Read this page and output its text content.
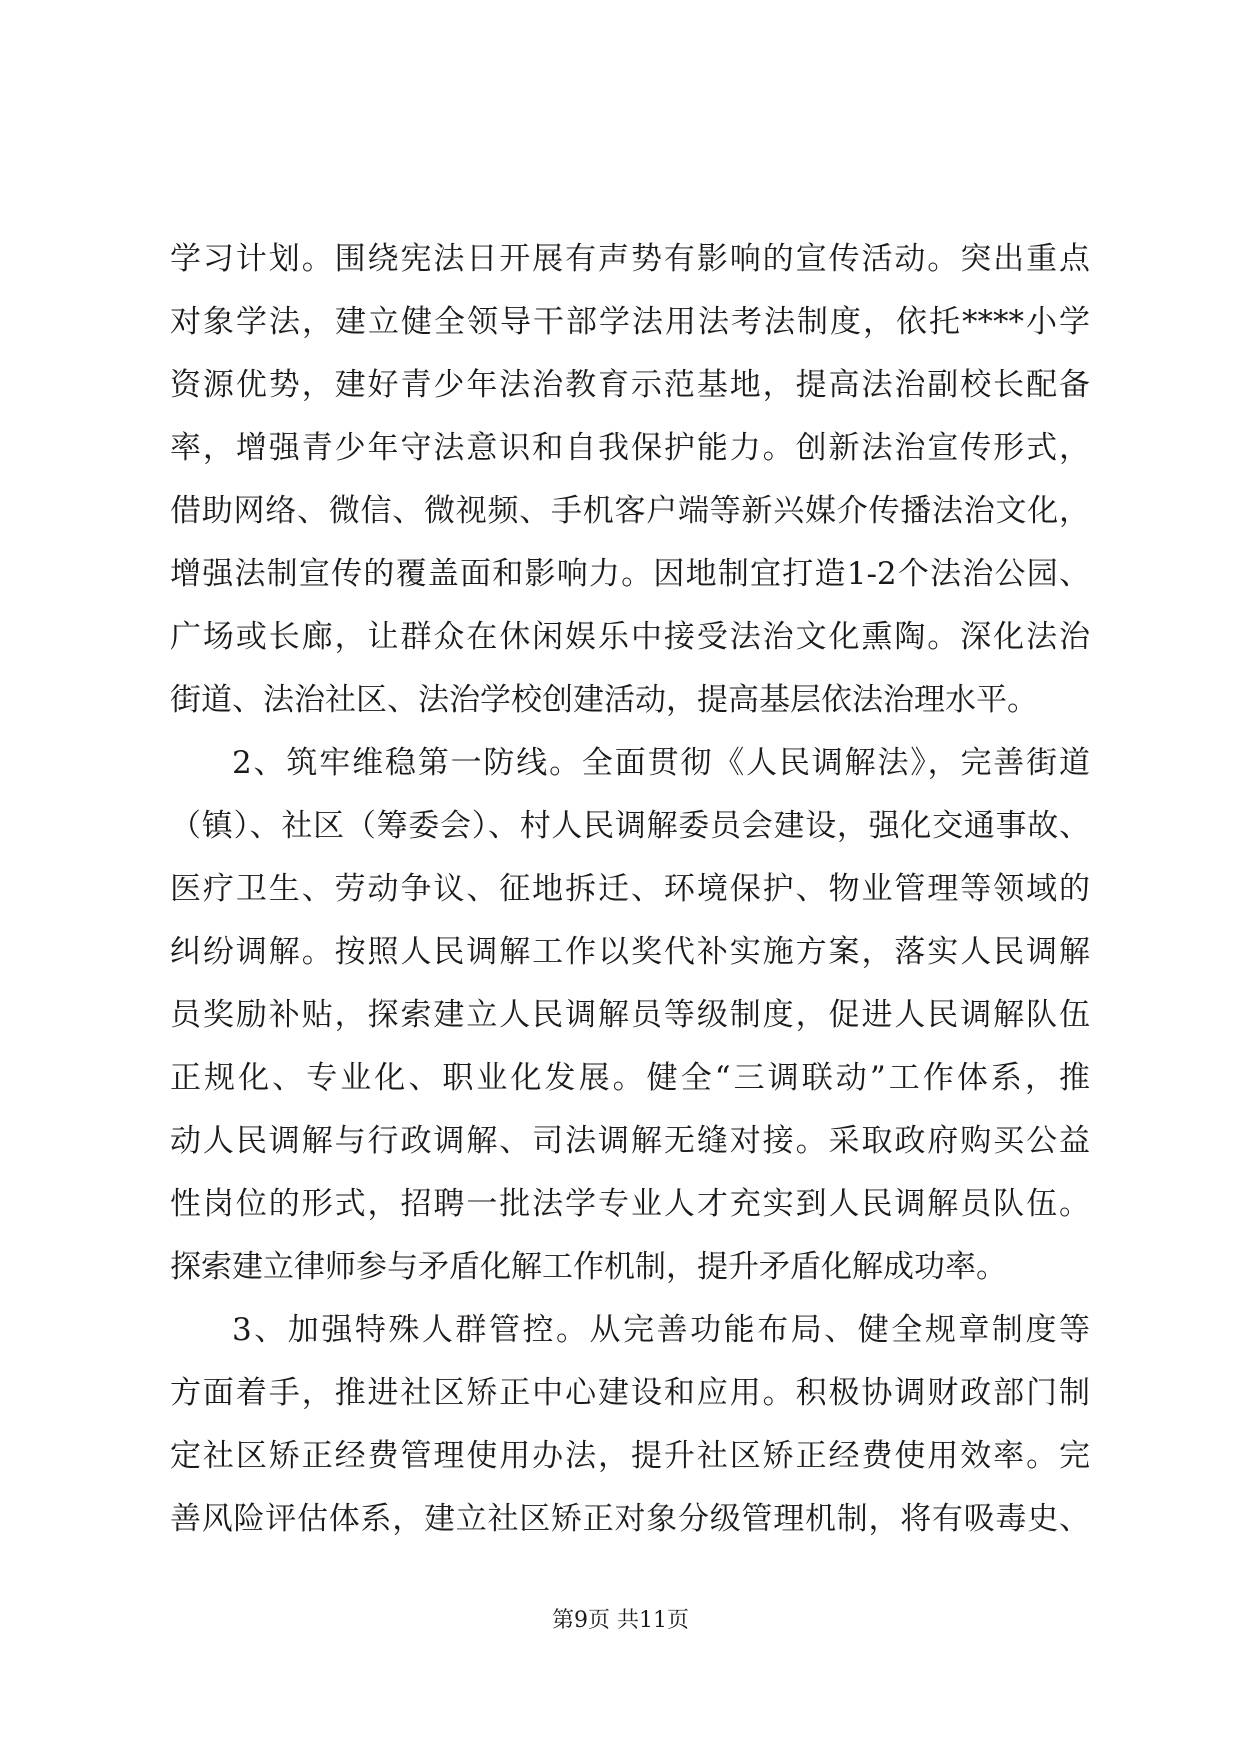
学习计划。围绕宪法日开展有声势有影响的宣传活动。突出重点
对象学法，建立健全领导干部学法用法考法制度，依托****小学
资源优势，建好青少年法治教育示范基地，提高法治副校长配备
率，增强青少年守法意识和自我保护能力。创新法治宣传形式，
借助网络、微信、微视频、手机客户端等新兴媒介传播法治文化，
增强法制宣传的覆盖面和影响力。因地制宜打造1-2个法治公园、
广场或长廊，让群众在休闲娱乐中接受法治文化熏陶。深化法治
街道、法治社区、法治学校创建活动，提高基层依法治理水平。
2、筑牢维稳第一防线。全面贯彻《人民调解法》，完善街道
（镇）、社区（筹委会）、村人民调解委员会建设，强化交通事故、
医疗卫生、劳动争议、征地拆迁、环境保护、物业管理等领域的
纠纷调解。按照人民调解工作以奖代补实施方案，落实人民调解
员奖励补贴，探索建立人民调解员等级制度，促进人民调解队伍
正规化、专业化、职业化发展。健全“三调联动”工作体系，推
动人民调解与行政调解、司法调解无缝对接。采取政府购买公益
性岗位的形式，招聘一批法学专业人才充实到人民调解员队伍。
探索建立律师参与矛盾化解工作机制，提升矛盾化解成功率。
3、加强特殊人群管控。从完善功能布局、健全规章制度等
方面着手，推进社区矫正中心建设和应用。积极协调财政部门制
定社区矫正经费管理使用办法，提升社区矫正经费使用效率。完
善风险评估体系，建立社区矫正对象分级管理机制，将有吸毒史、
第9页 共11页
